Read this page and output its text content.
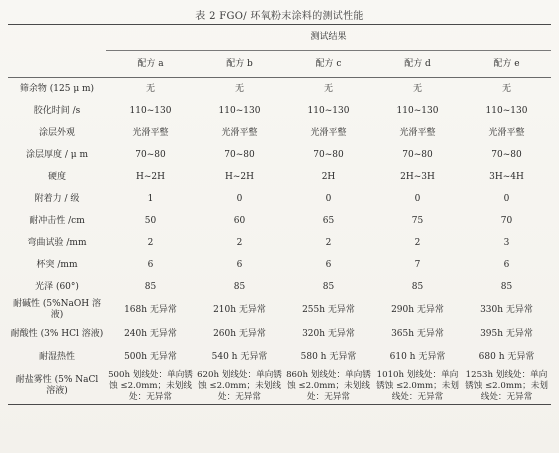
表 2 FGO/ 环氧粉末涂料的测试性能
	测试结果				
	配方 a	配方 b	配方 c	配方 d	配方 e
筛余物 (125 μ m)	无	无	无	无	无
胶化时间 /s	110~130	110~130	110~130	110~130	110~130
涂层外观	光滑平整	光滑平整	光滑平整	光滑平整	光滑平整
涂层厚度 / μ m	70~80	70~80	70~80	70~80	70~80
硬度	H~2H	H~2H	2H	2H~3H	3H~4H
附着力 / 级	1	0	0	0	0
耐冲击性 /cm	50	60	65	75	70
弯曲试验 /mm	2	2	2	2	3
杯突 /mm	6	6	6	7	6
光泽 (60°)	85	85	85	85	85
耐碱性 (5%NaOH 溶液)	168h 无异常	210h 无异常	255h 无异常	290h 无异常	330h 无异常
耐酸性 (3% HCl 溶液)	240h 无异常	260h 无异常	320h 无异常	365h 无异常	395h 无异常
耐湿热性	500h 无异常	540 h 无异常	580 h 无异常	610 h 无异常	680 h 无异常
耐盐雾性 (5% NaCl 溶液)	500h 划线处：单向锈蚀 ≤2.0mm；未划线处：无异常	620h 划线处：单向锈蚀 ≤2.0mm；未划线处：无异常	860h 划线处：单向锈蚀 ≤2.0mm；未划线处：无异常	1010h 划线处：单向锈蚀 ≤2.0mm；未划线处：无异常	1253h 划线处：单向锈蚀 ≤2.0mm；未划线处：无异常
